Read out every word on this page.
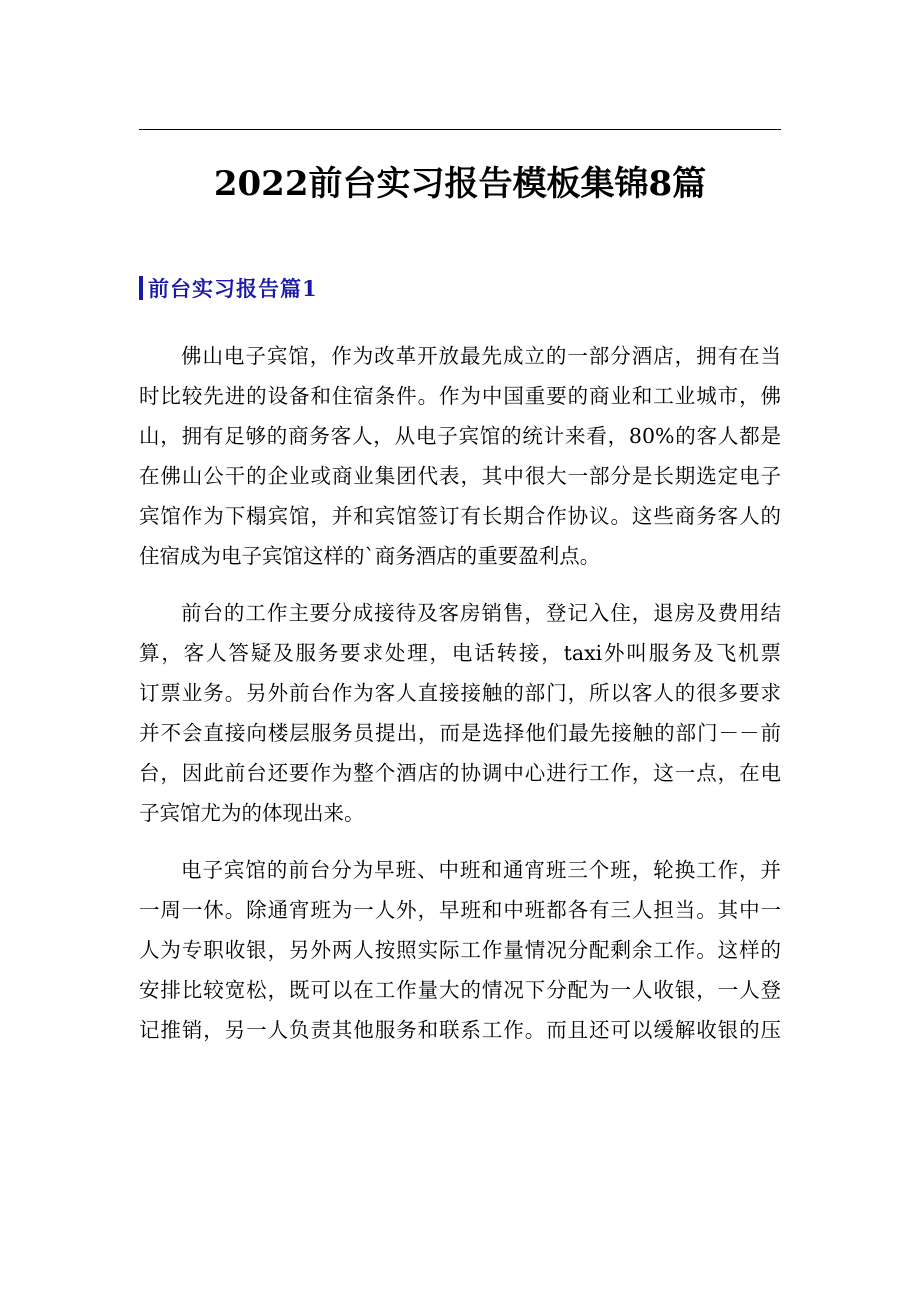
2022前台实习报告模板集锦8篇
前台实习报告篇1
佛山电子宾馆，作为改革开放最先成立的一部分酒店，拥有在当
时比较先进的设备和住宿条件。作为中国重要的商业和工业城市，佛
山，拥有足够的商务客人，从电子宾馆的统计来看，80%的客人都是
在佛山公干的企业或商业集团代表，其中很大一部分是长期选定电子
宾馆作为下榻宾馆，并和宾馆签订有长期合作协议。这些商务客人的
住宿成为电子宾馆这样的`商务酒店的重要盈利点。
前台的工作主要分成接待及客房销售，登记入住，退房及费用结
算，客人答疑及服务要求处理，电话转接，taxi外叫服务及飞机票
订票业务。另外前台作为客人直接接触的部门，所以客人的很多要求
并不会直接向楼层服务员提出，而是选择他们最先接触的部门－－前
台，因此前台还要作为整个酒店的协调中心进行工作，这一点，在电
子宾馆尤为的体现出来。
电子宾馆的前台分为早班、中班和通宵班三个班，轮换工作，并
一周一休。除通宵班为一人外，早班和中班都各有三人担当。其中一
人为专职收银，另外两人按照实际工作量情况分配剩余工作。这样的
安排比较宽松，既可以在工作量大的情况下分配为一人收银，一人登
记推销，另一人负责其他服务和联系工作。而且还可以缓解收银的压
